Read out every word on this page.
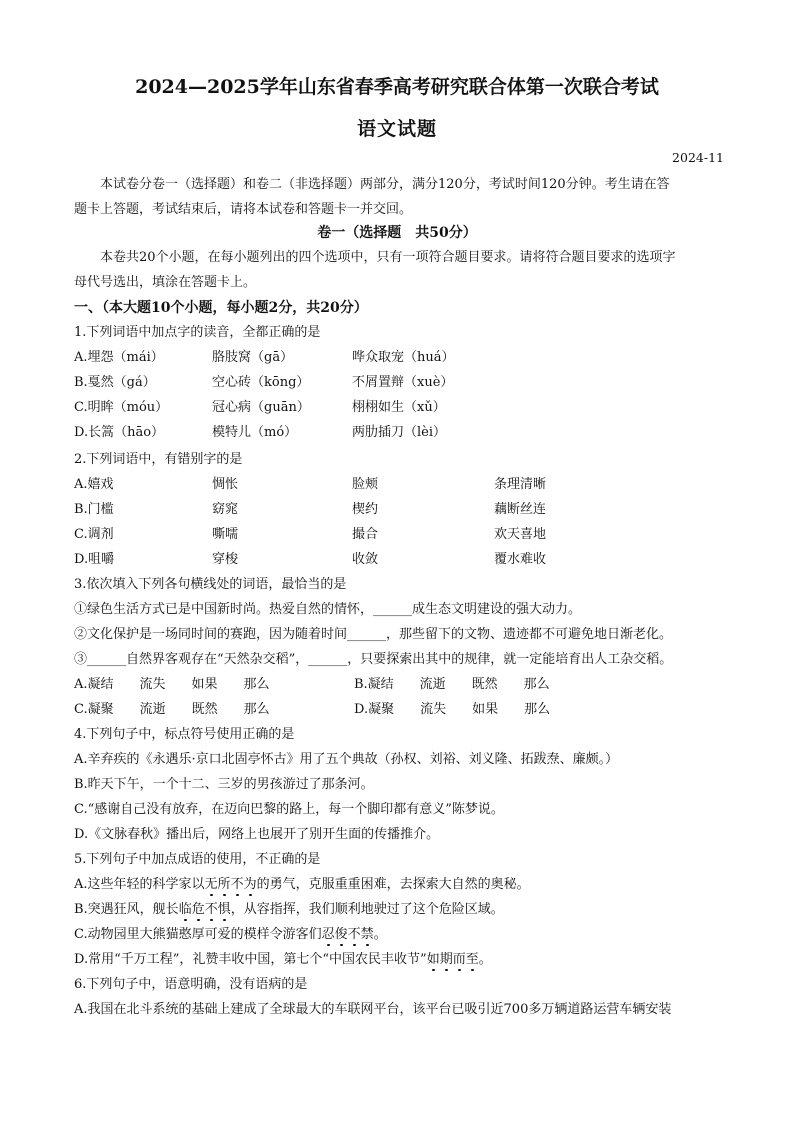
2024—2025学年山东省春季高考研究联合体第一次联合考试
语文试题
2024-11
本试卷分卷一（选择题）和卷二（非选择题）两部分，满分120分，考试时间120分钟。考生请在答
题卡上答题，考试结束后，请将本试卷和答题卡一并交回。
卷一（选择题　共50分）
本卷共20个小题，在每小题列出的四个选项中，只有一项符合题目要求。请将符合题目要求的选项字
母代号选出，填涂在答题卡上。
一、（本大题10个小题，每小题2分，共20分）
1.下列词语中加点字的读音，全都正确的是
A.埋怨（mái）	胳肢窝（gā）	哗众取宠（huá）
B.戛然（gá）	空心砖（kōng）	不屑置辩（xuè）
C.明眸（móu）	冠心病（guān）	栩栩如生（xǔ）
D.长篙（hāo）	模特儿（mó）	两肋插刀（lèi）
2.下列词语中，有错别字的是
A.嬉戏	惆怅	脸颊	条理清晰
B.门槛	窈窕	楔约	藕断丝连
C.调剂	嘶嚅	撮合	欢天喜地
D.咀嚼	穿梭	收敛	覆水难收
3.依次填入下列各句横线处的词语，最恰当的是
①绿色生活方式已是中国新时尚。热爱自然的情怀，______成生态文明建设的强大动力。
②文化保护是一场同时间的赛跑，因为随着时间______，那些留下的文物、遗迹都不可避免地日渐老化。
③______自然界客观存在“天然杂交稻”，______，只要探索出其中的规律，就一定能培育出人工杂交稻。
A.凝结　　流失　　如果　　那么	B.凝结　　流逝　　既然　　那么
C.凝聚　　流逝　　既然　　那么	D.凝聚　　流失　　如果　　那么
4.下列句子中，标点符号使用正确的是
A.辛弃疾的《永遇乐·京口北固亭怀古》用了五个典故（孙权、刘裕、刘义隆、拓跋焘、廉颇。）
B.昨天下午，一个十二、三岁的男孩游过了那条河。
C.“感谢自己没有放弃，在迈向巴黎的路上，每一个脚印都有意义”陈梦说。
D.《文脉春秋》播出后，网络上也展开了别开生面的传播推介。
5.下列句子中加点成语的使用，不正确的是
A.这些年轻的科学家以无所不为的勇气，克服重重困难，去探索大自然的奥秘。
B.突遇狂风，舰长临危不惧，从容指挥，我们顺利地驶过了这个危险区域。
C.动物园里大熊猫憨厚可爱的模样令游客们忍俊不禁。
D.常用“千万工程”，礼赞丰收中国，第七个“中国农民丰收节”如期而至。
6.下列句子中，语意明确，没有语病的是
A.我国在北斗系统的基础上建成了全球最大的车联网平台，该平台已吸引近700多万辆道路运营车辆安装
